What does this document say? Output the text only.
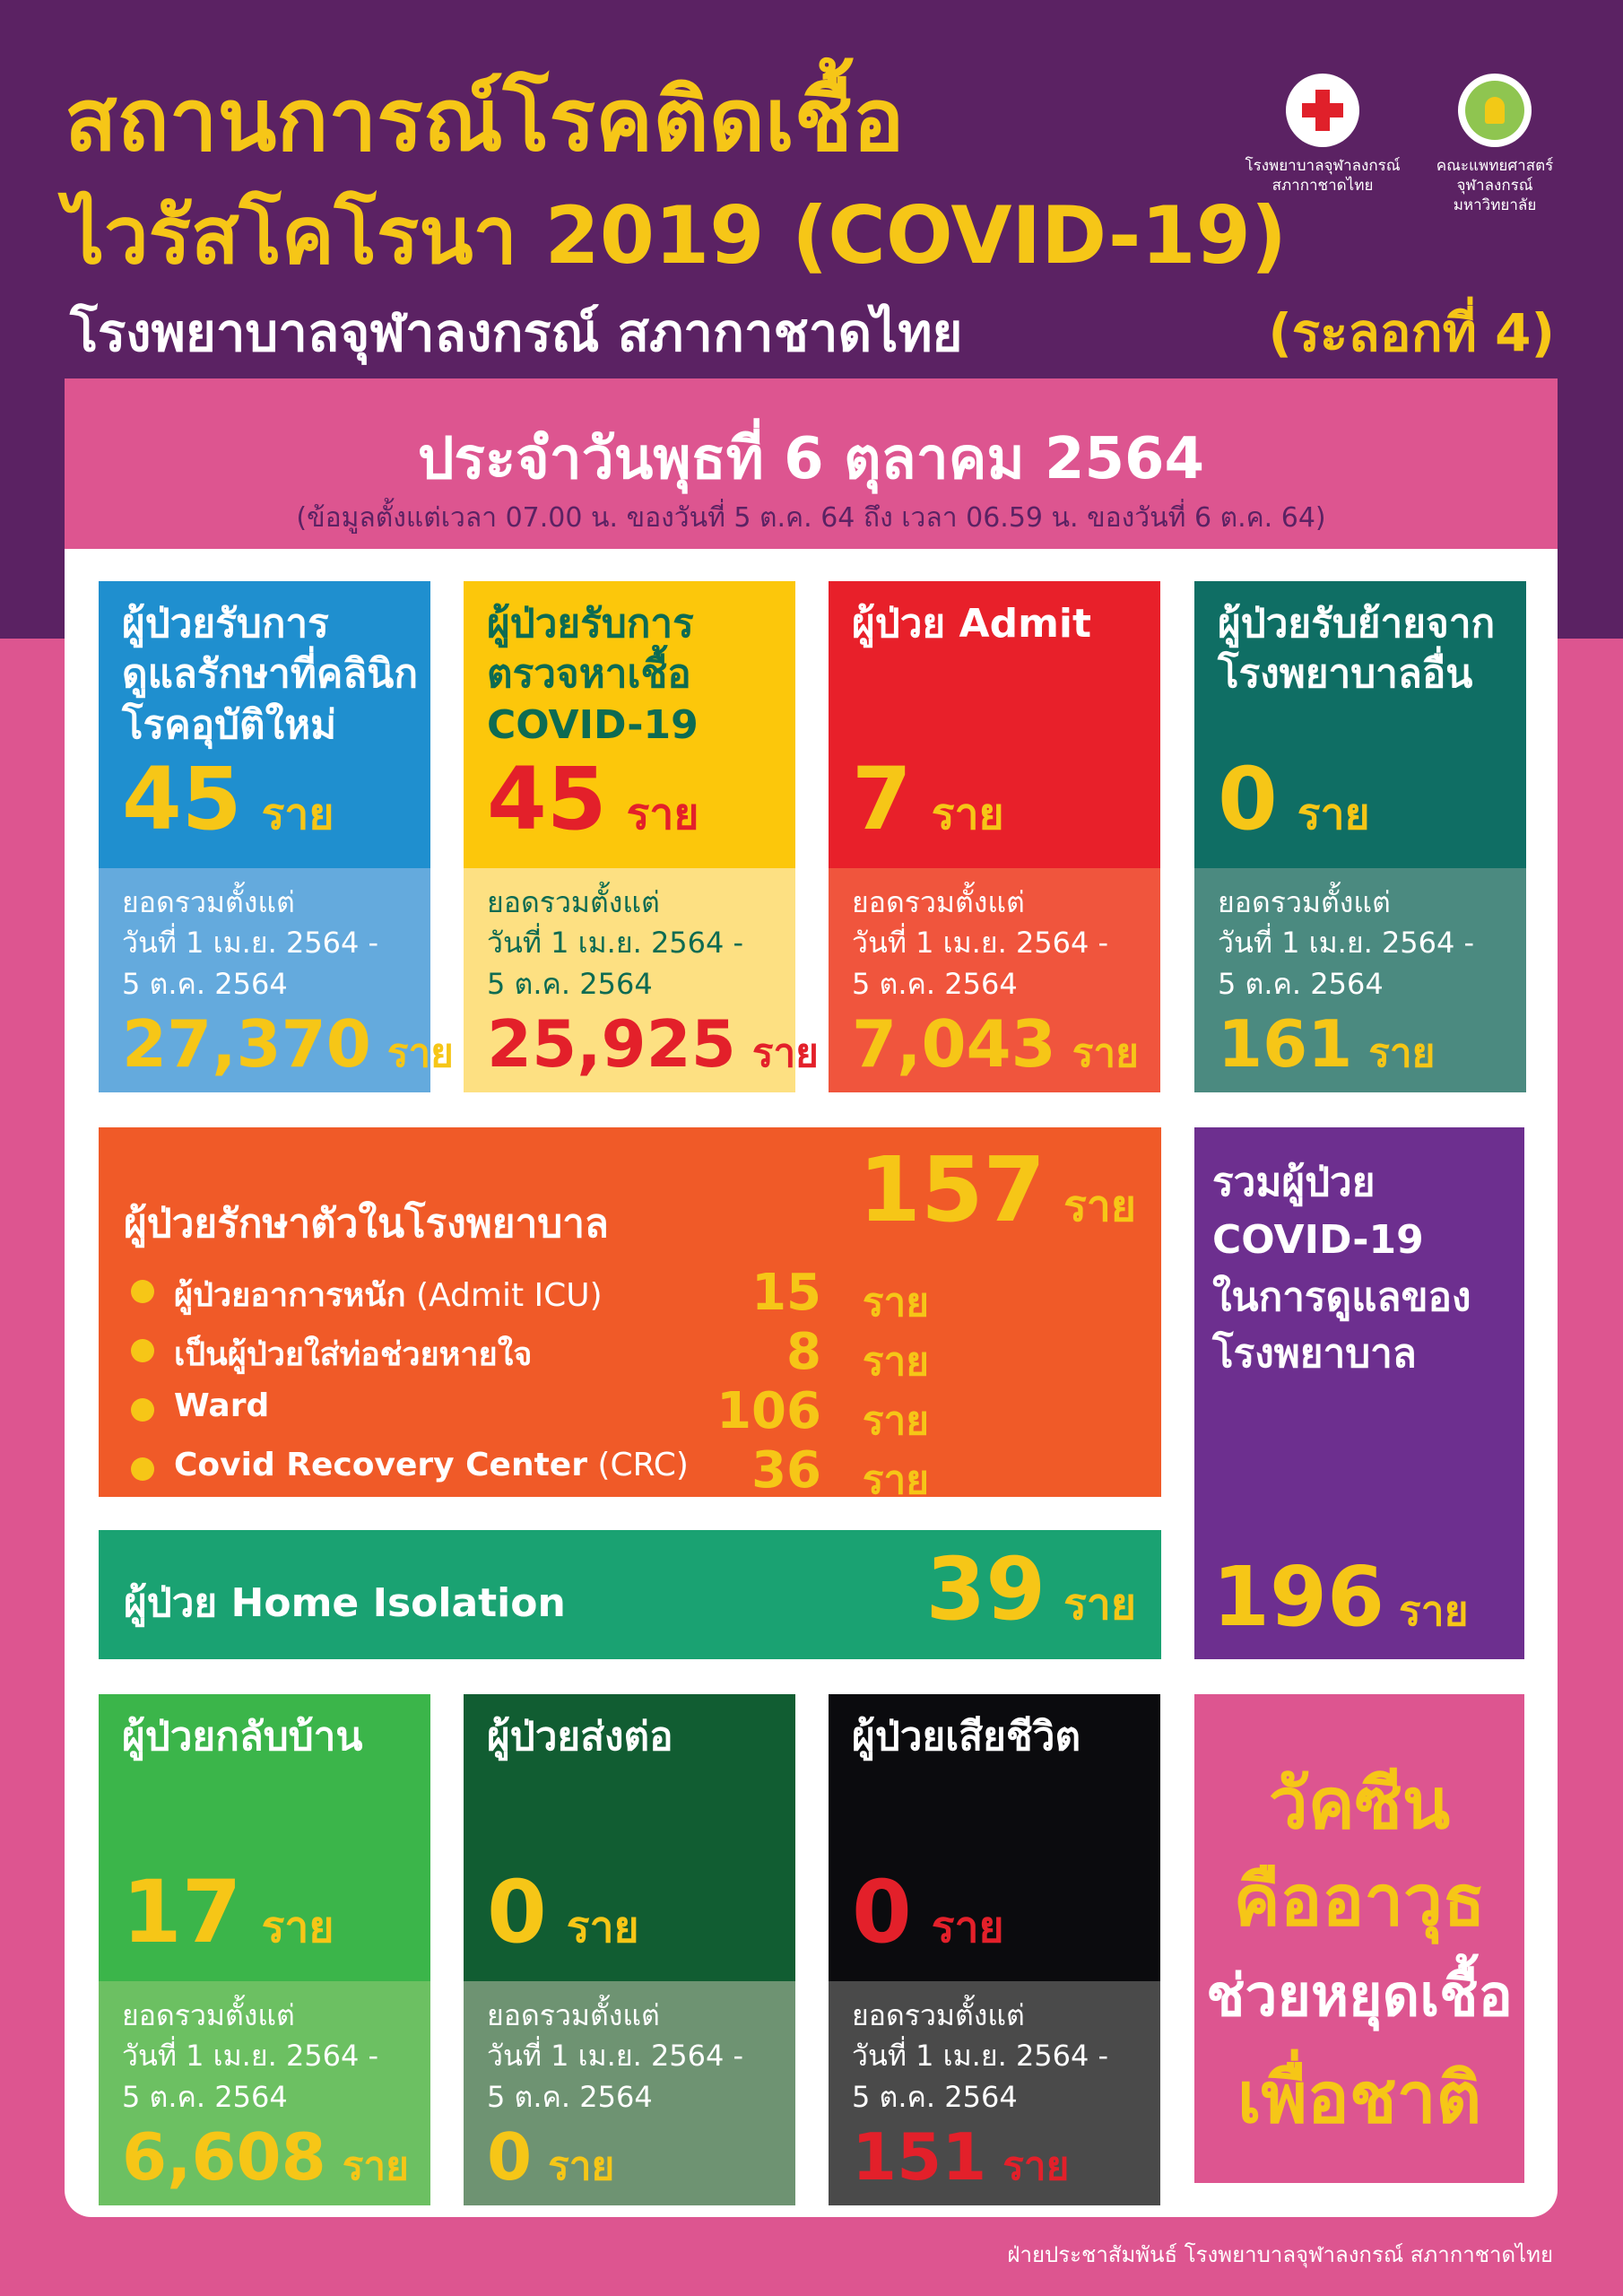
สถานการณ์โรคติดเชื้อ
ไวรัสโคโรนา 2019 (COVID-19)
โรงพยาบาลจุฬาลงกรณ์ สภากาชาดไทย	(ระลอกที่ 4)
โรงพยาบาลจุฬาลงกรณ์
สภากาชาดไทย
คณะแพทยศาสตร์
จุฬาลงกรณ์มหาวิทยาลัย
ประจำวันพุธที่ 6 ตุลาคม 2564
(ข้อมูลตั้งแต่เวลา 07.00 น. ของวันที่ 5 ต.ค. 64 ถึง เวลา 06.59 น. ของวันที่ 6 ต.ค. 64)
ผู้ป่วยรักษาตัวในโรงพยาบาล	157 ราย
ผู้ป่วยอาการหนัก (Admit ICU)	15 ราย
เป็นผู้ป่วยใส่ท่อช่วยหายใจ	8 ราย
Ward	106 ราย
Covid Recovery Center (CRC) 36 ราย
ผู้ป่วย Home Isolation	39 ราย
รวมผู้ป่วย
COVID-19
ในการดูแลของ
โรงพยาบาล
196 ราย
วัคซีน
คืออาวุธ
ช่วยหยุดเชื้อ
เพื่อชาติ
ผู้ป่วยรับการ
ดูแลรักษาที่คลินิก
โรคอุบัติใหม่
45 ราย
ยอดรวมตั้งแต่
วันที่ 1 เม.ย. 2564 -
5 ต.ค. 2564
27,370 ราย
ผู้ป่วยรับการ
ตรวจหาเชื้อ
COVID-19
45 ราย
ยอดรวมตั้งแต่
วันที่ 1 เม.ย. 2564 -
5 ต.ค. 2564
25,925 ราย
ผู้ป่วย Admit
7 ราย
ยอดรวมตั้งแต่
วันที่ 1 เม.ย. 2564 -
5 ต.ค. 2564
7,043 ราย
ผู้ป่วยรับย้ายจาก
โรงพยาบาลอื่น
0 ราย
ยอดรวมตั้งแต่
วันที่ 1 เม.ย. 2564 -
5 ต.ค. 2564
161 ราย
ผู้ป่วยกลับบ้าน
17 ราย
ยอดรวมตั้งแต่
วันที่ 1 เม.ย. 2564 -
5 ต.ค. 2564
6,608 ราย
ผู้ป่วยส่งต่อ
0 ราย
ยอดรวมตั้งแต่
วันที่ 1 เม.ย. 2564 -
5 ต.ค. 2564
0 ราย
ผู้ป่วยเสียชีวิต
0 ราย
ยอดรวมตั้งแต่
วันที่ 1 เม.ย. 2564 -
5 ต.ค. 2564
151 ราย
ฝ่ายประชาสัมพันธ์ โรงพยาบาลจุฬาลงกรณ์ สภากาชาดไทย
